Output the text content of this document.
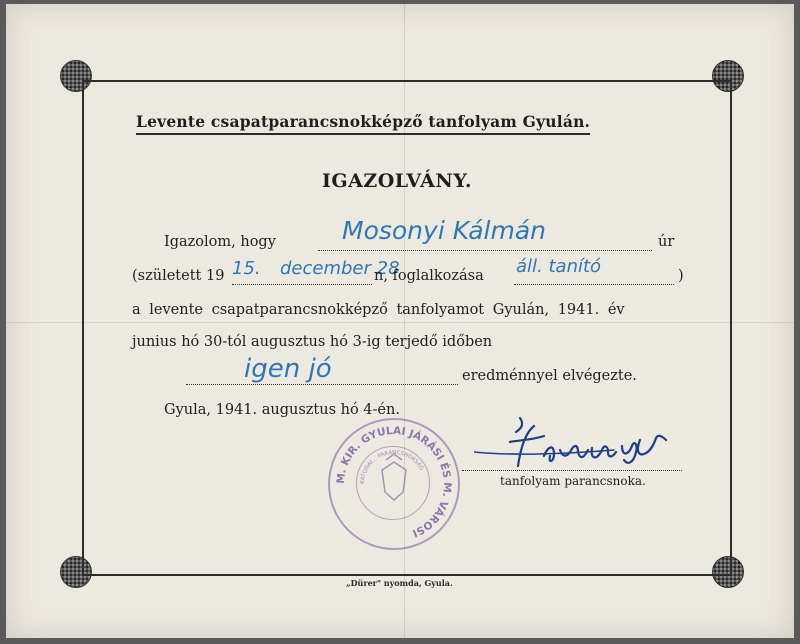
Levente csapatparancsnokképző tanfolyam Gyulán.
IGAZOLVÁNY.
Igazolom, hogy	Mosonyi Kálmán	úr
(született 19 15. december 28
n, foglalkozása áll. tanító	)
a levente csapatparancsnokképző tanfolyamot Gyulán, 1941. év
junius hó 30-tól augusztus hó 3-ig terjedő időben
igen jó	eredménnyel elvégezte.
Gyula, 1941. augusztus hó 4-én.
M. KIR. GYULAI JÁRÁSI ÉS M. VÁROSI
KATONAI... PARANCSNOKSÁG
tanfolyam parancsnoka.
„Dürer" nyomda, Gyula.
